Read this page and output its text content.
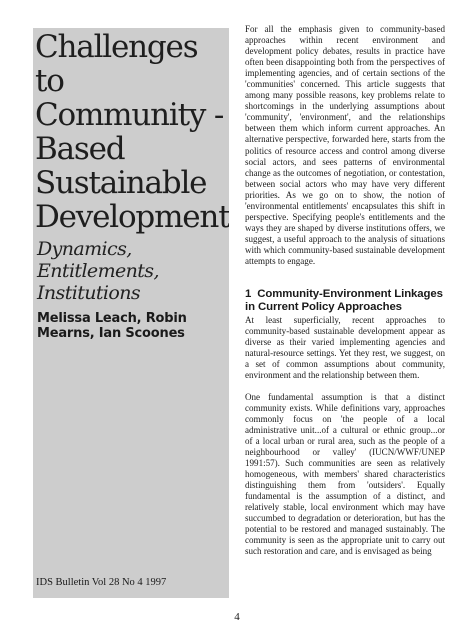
Challenges to Community -Based Sustainable Development

Dynamics, Entitlements, Institutions

Melissa Leach, Robin Mearns, Ian Scoones

IDS Bulletin Vol 28 No 4 1997

For all the emphasis given to community-based approaches within recent environment and development policy debates, results in practice have often been disappointing both from the perspectives of implementing agencies, and of certain sections of the 'communities' concerned. This article suggests that among many possible reasons, key problems relate to shortcomings in the underlying assumptions about 'community', 'environment', and the relationships between them which inform current approaches. An alternative perspective, forwarded here, starts from the politics of resource access and control among diverse social actors, and sees patterns of environmental change as the outcomes of negotiation, or contestation, between social actors who may have very different priorities. As we go on to show, the notion of 'environmental entitlements' encapsulates this shift in perspective. Specifying people's entitlements and the ways they are shaped by diverse institutions offers, we suggest, a useful approach to the analysis of situations with which community-based sustainable development attempts to engage.

1 Community-Environment Linkages in Current Policy Approaches

At least superficially, recent approaches to community-based sustainable development appear as diverse as their varied implementing agencies and natural-resource settings. Yet they rest, we suggest, on a set of common assumptions about community, environment and the relationship between them.

One fundamental assumption is that a distinct community exists. While definitions vary, approaches commonly focus on 'the people of a local administrative unit...of a cultural or ethnic group...or of a local urban or rural area, such as the people of a neighbourhood or valley' (IUCN/WWF/UNEP 1991:57). Such communities are seen as relatively homogeneous, with members' shared characteristics distinguishing them from 'outsiders'. Equally fundamental is the assumption of a distinct, and relatively stable, local environment which may have succumbed to degradation or deterioration, but has the potential to be restored and managed sustainably. The community is seen as the appropriate unit to carry out such restoration and care, and is envisaged as being

4
